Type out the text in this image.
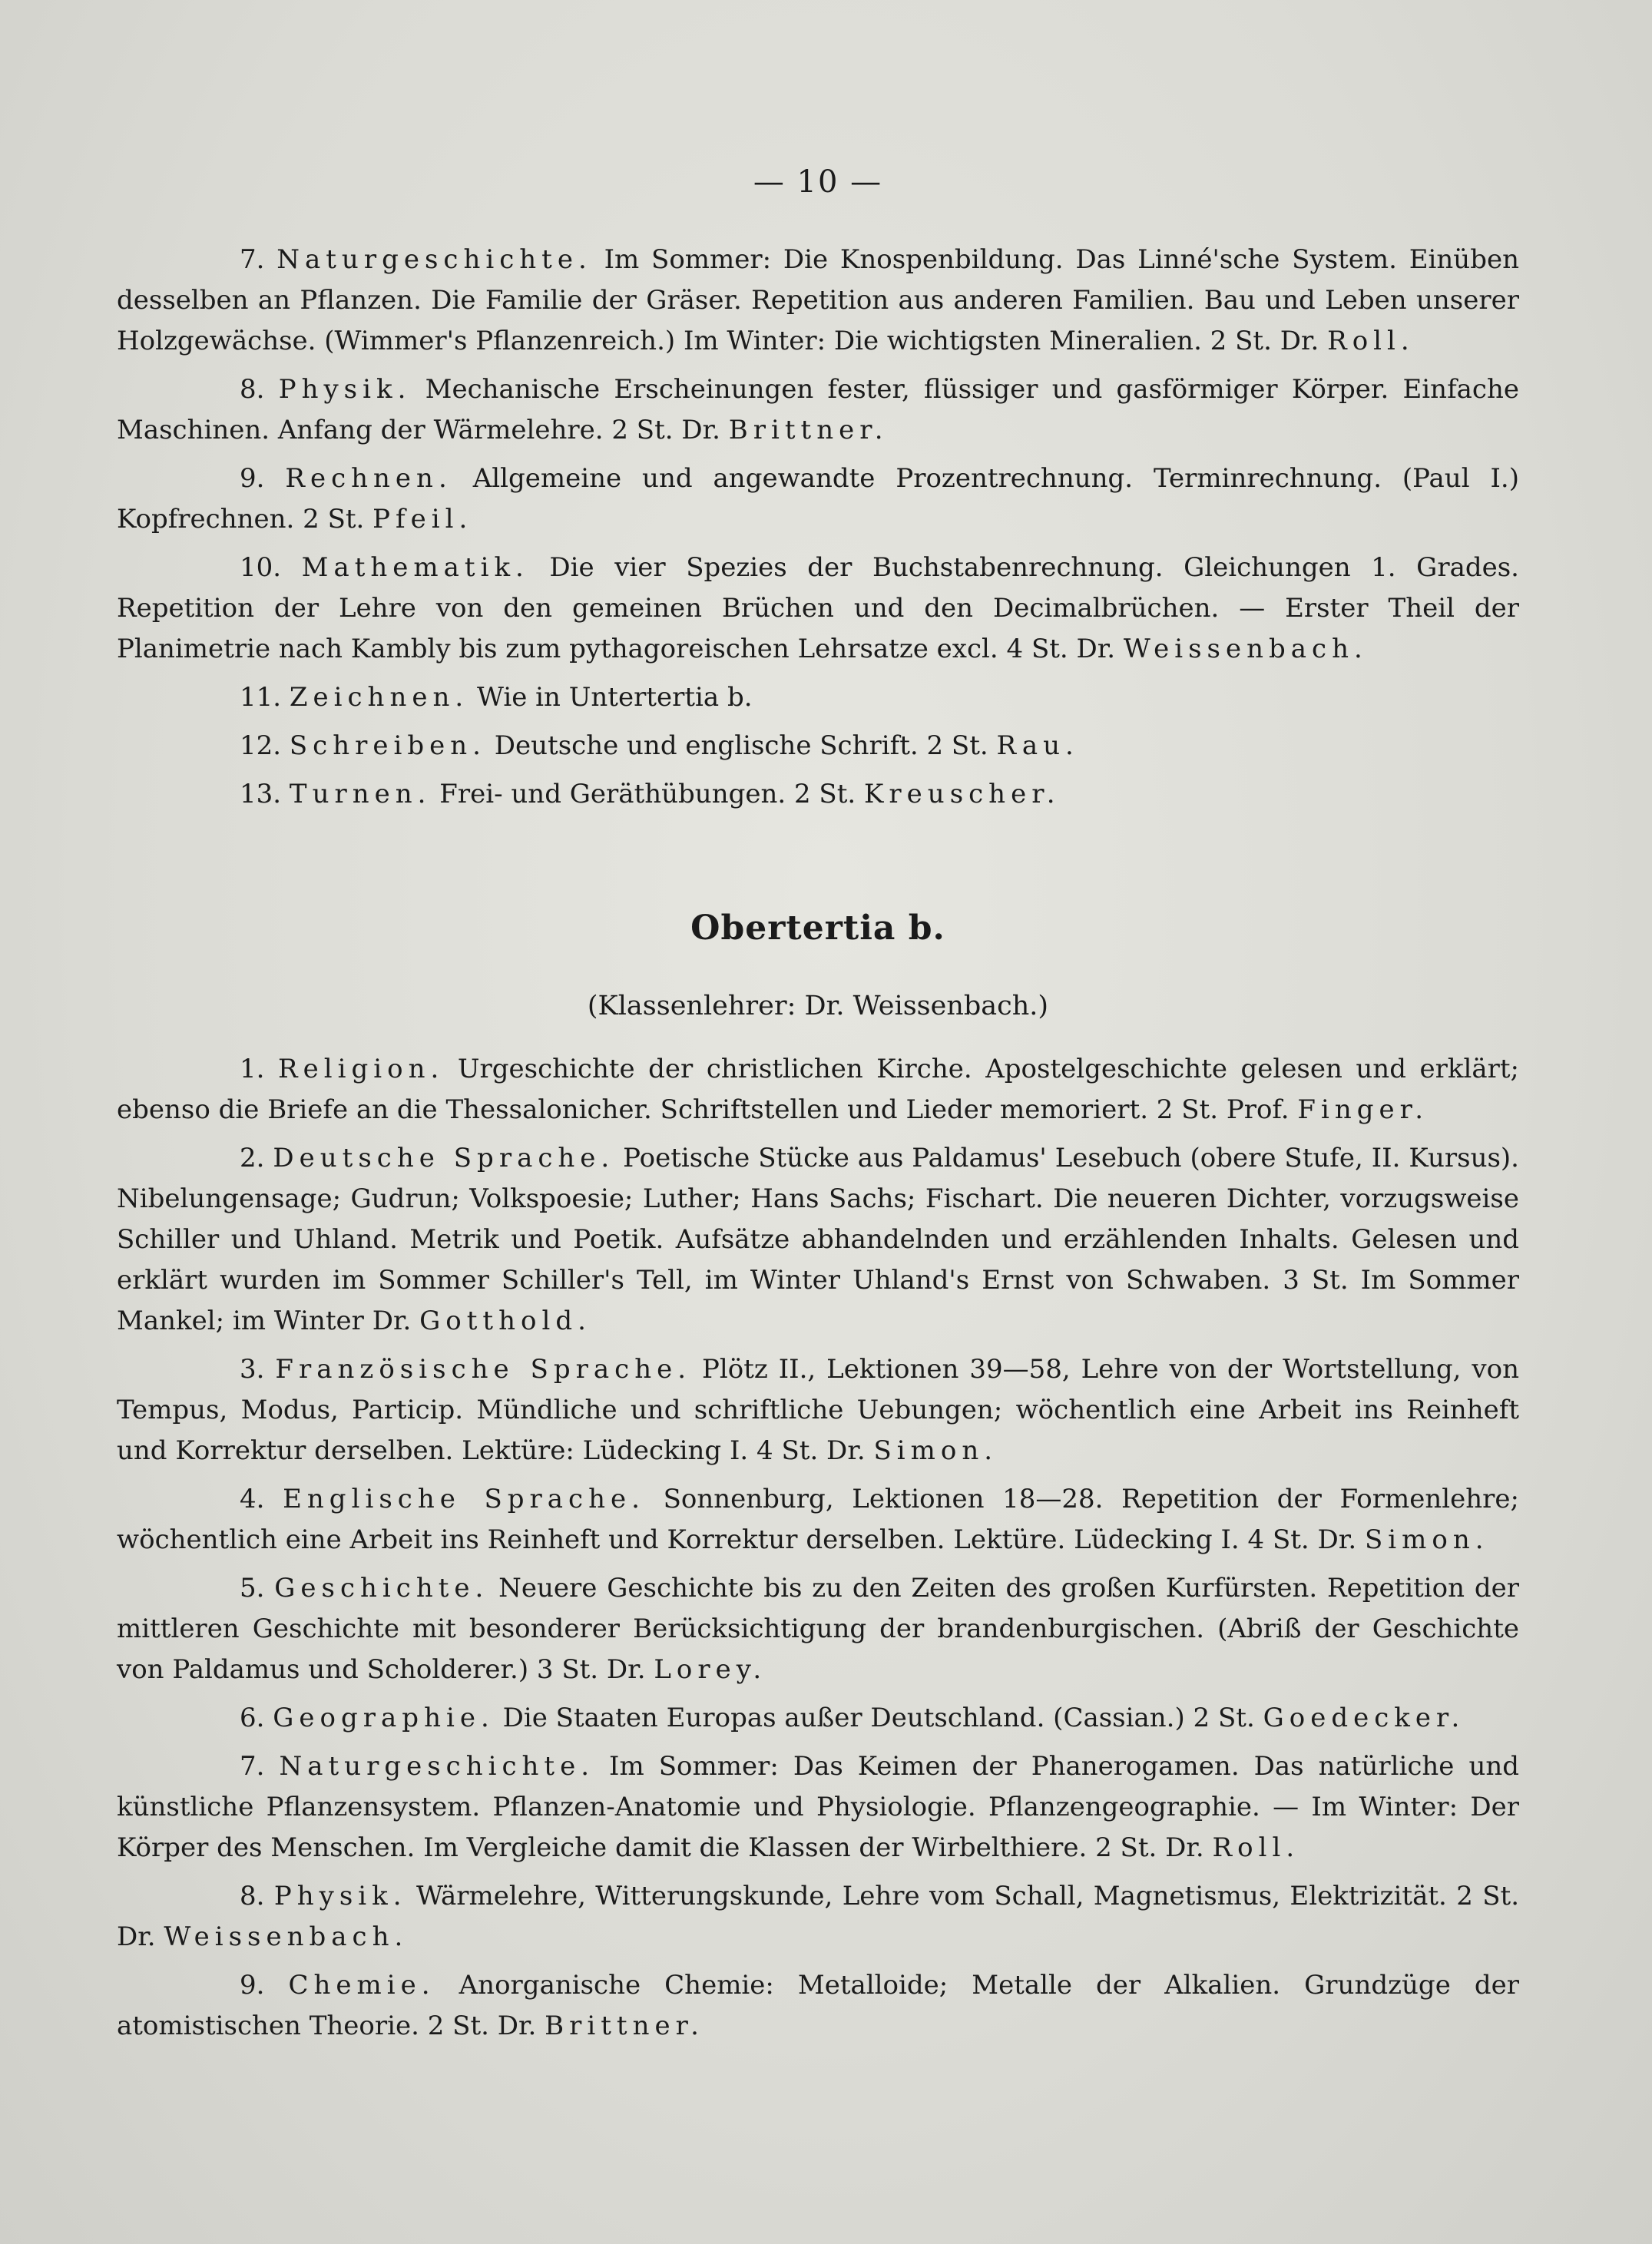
— 10 —

7. Naturgeschichte. Im Sommer: Die Knospenbildung. Das Linné'sche System. Einüben desselben an Pflanzen. Die Familie der Gräser. Repetition aus anderen Familien. Bau und Leben unserer Holzgewächse. (Wimmer's Pflanzenreich.) Im Winter: Die wichtigsten Mineralien. 2 St. Dr. Roll.

8. Physik. Mechanische Erscheinungen fester, flüssiger und gasförmiger Körper. Einfache Maschinen. Anfang der Wärmelehre. 2 St. Dr. Brittner.

9. Rechnen. Allgemeine und angewandte Prozentrechnung. Terminrechnung. (Paul I.) Kopfrechnen. 2 St. Pfeil.

10. Mathematik. Die vier Spezies der Buchstabenrechnung. Gleichungen 1. Grades. Repetition der Lehre von den gemeinen Brüchen und den Decimalbrüchen. — Erster Theil der Planimetrie nach Kambly bis zum pythagoreischen Lehrsatze excl. 4 St. Dr. Weissenbach.

11. Zeichnen. Wie in Untertertia b.

12. Schreiben. Deutsche und englische Schrift. 2 St. Rau.

13. Turnen. Frei- und Geräthübungen. 2 St. Kreuscher.

Obertertia b.
(Klassenlehrer: Dr. Weissenbach.)

1. Religion. Urgeschichte der christlichen Kirche. Apostelgeschichte gelesen und erklärt; ebenso die Briefe an die Thessalonicher. Schriftstellen und Lieder memoriert. 2 St. Prof. Finger.

2. Deutsche Sprache. Poetische Stücke aus Paldamus' Lesebuch (obere Stufe, II. Kursus). Nibelungensage; Gudrun; Volkspoesie; Luther; Hans Sachs; Fischart. Die neueren Dichter, vorzugsweise Schiller und Uhland. Metrik und Poetik. Aufsätze abhandelnden und erzählenden Inhalts. Gelesen und erklärt wurden im Sommer Schiller's Tell, im Winter Uhland's Ernst von Schwaben. 3 St. Im Sommer Mankel; im Winter Dr. Gotthold.

3. Französische Sprache. Plötz II., Lektionen 39—58, Lehre von der Wortstellung, von Tempus, Modus, Particip. Mündliche und schriftliche Uebungen; wöchentlich eine Arbeit ins Reinheft und Korrektur derselben. Lektüre: Lüdecking I. 4 St. Dr. Simon.

4. Englische Sprache. Sonnenburg, Lektionen 18—28. Repetition der Formenlehre; wöchentlich eine Arbeit ins Reinheft und Korrektur derselben. Lektüre. Lüdecking I. 4 St. Dr. Simon.

5. Geschichte. Neuere Geschichte bis zu den Zeiten des großen Kurfürsten. Repetition der mittleren Geschichte mit besonderer Berücksichtigung der brandenburgischen. (Abriß der Geschichte von Paldamus und Scholderer.) 3 St. Dr. Lorey.

6. Geographie. Die Staaten Europas außer Deutschland. (Cassian.) 2 St. Goedecker.

7. Naturgeschichte. Im Sommer: Das Keimen der Phanerogamen. Das natürliche und künstliche Pflanzensystem. Pflanzen-Anatomie und Physiologie. Pflanzengeographie. — Im Winter: Der Körper des Menschen. Im Vergleiche damit die Klassen der Wirbelthiere. 2 St. Dr. Roll.

8. Physik. Wärmelehre, Witterungskunde, Lehre vom Schall, Magnetismus, Elektrizität. 2 St. Dr. Weissenbach.

9. Chemie. Anorganische Chemie: Metalloide; Metalle der Alkalien. Grundzüge der atomistischen Theorie. 2 St. Dr. Brittner.
